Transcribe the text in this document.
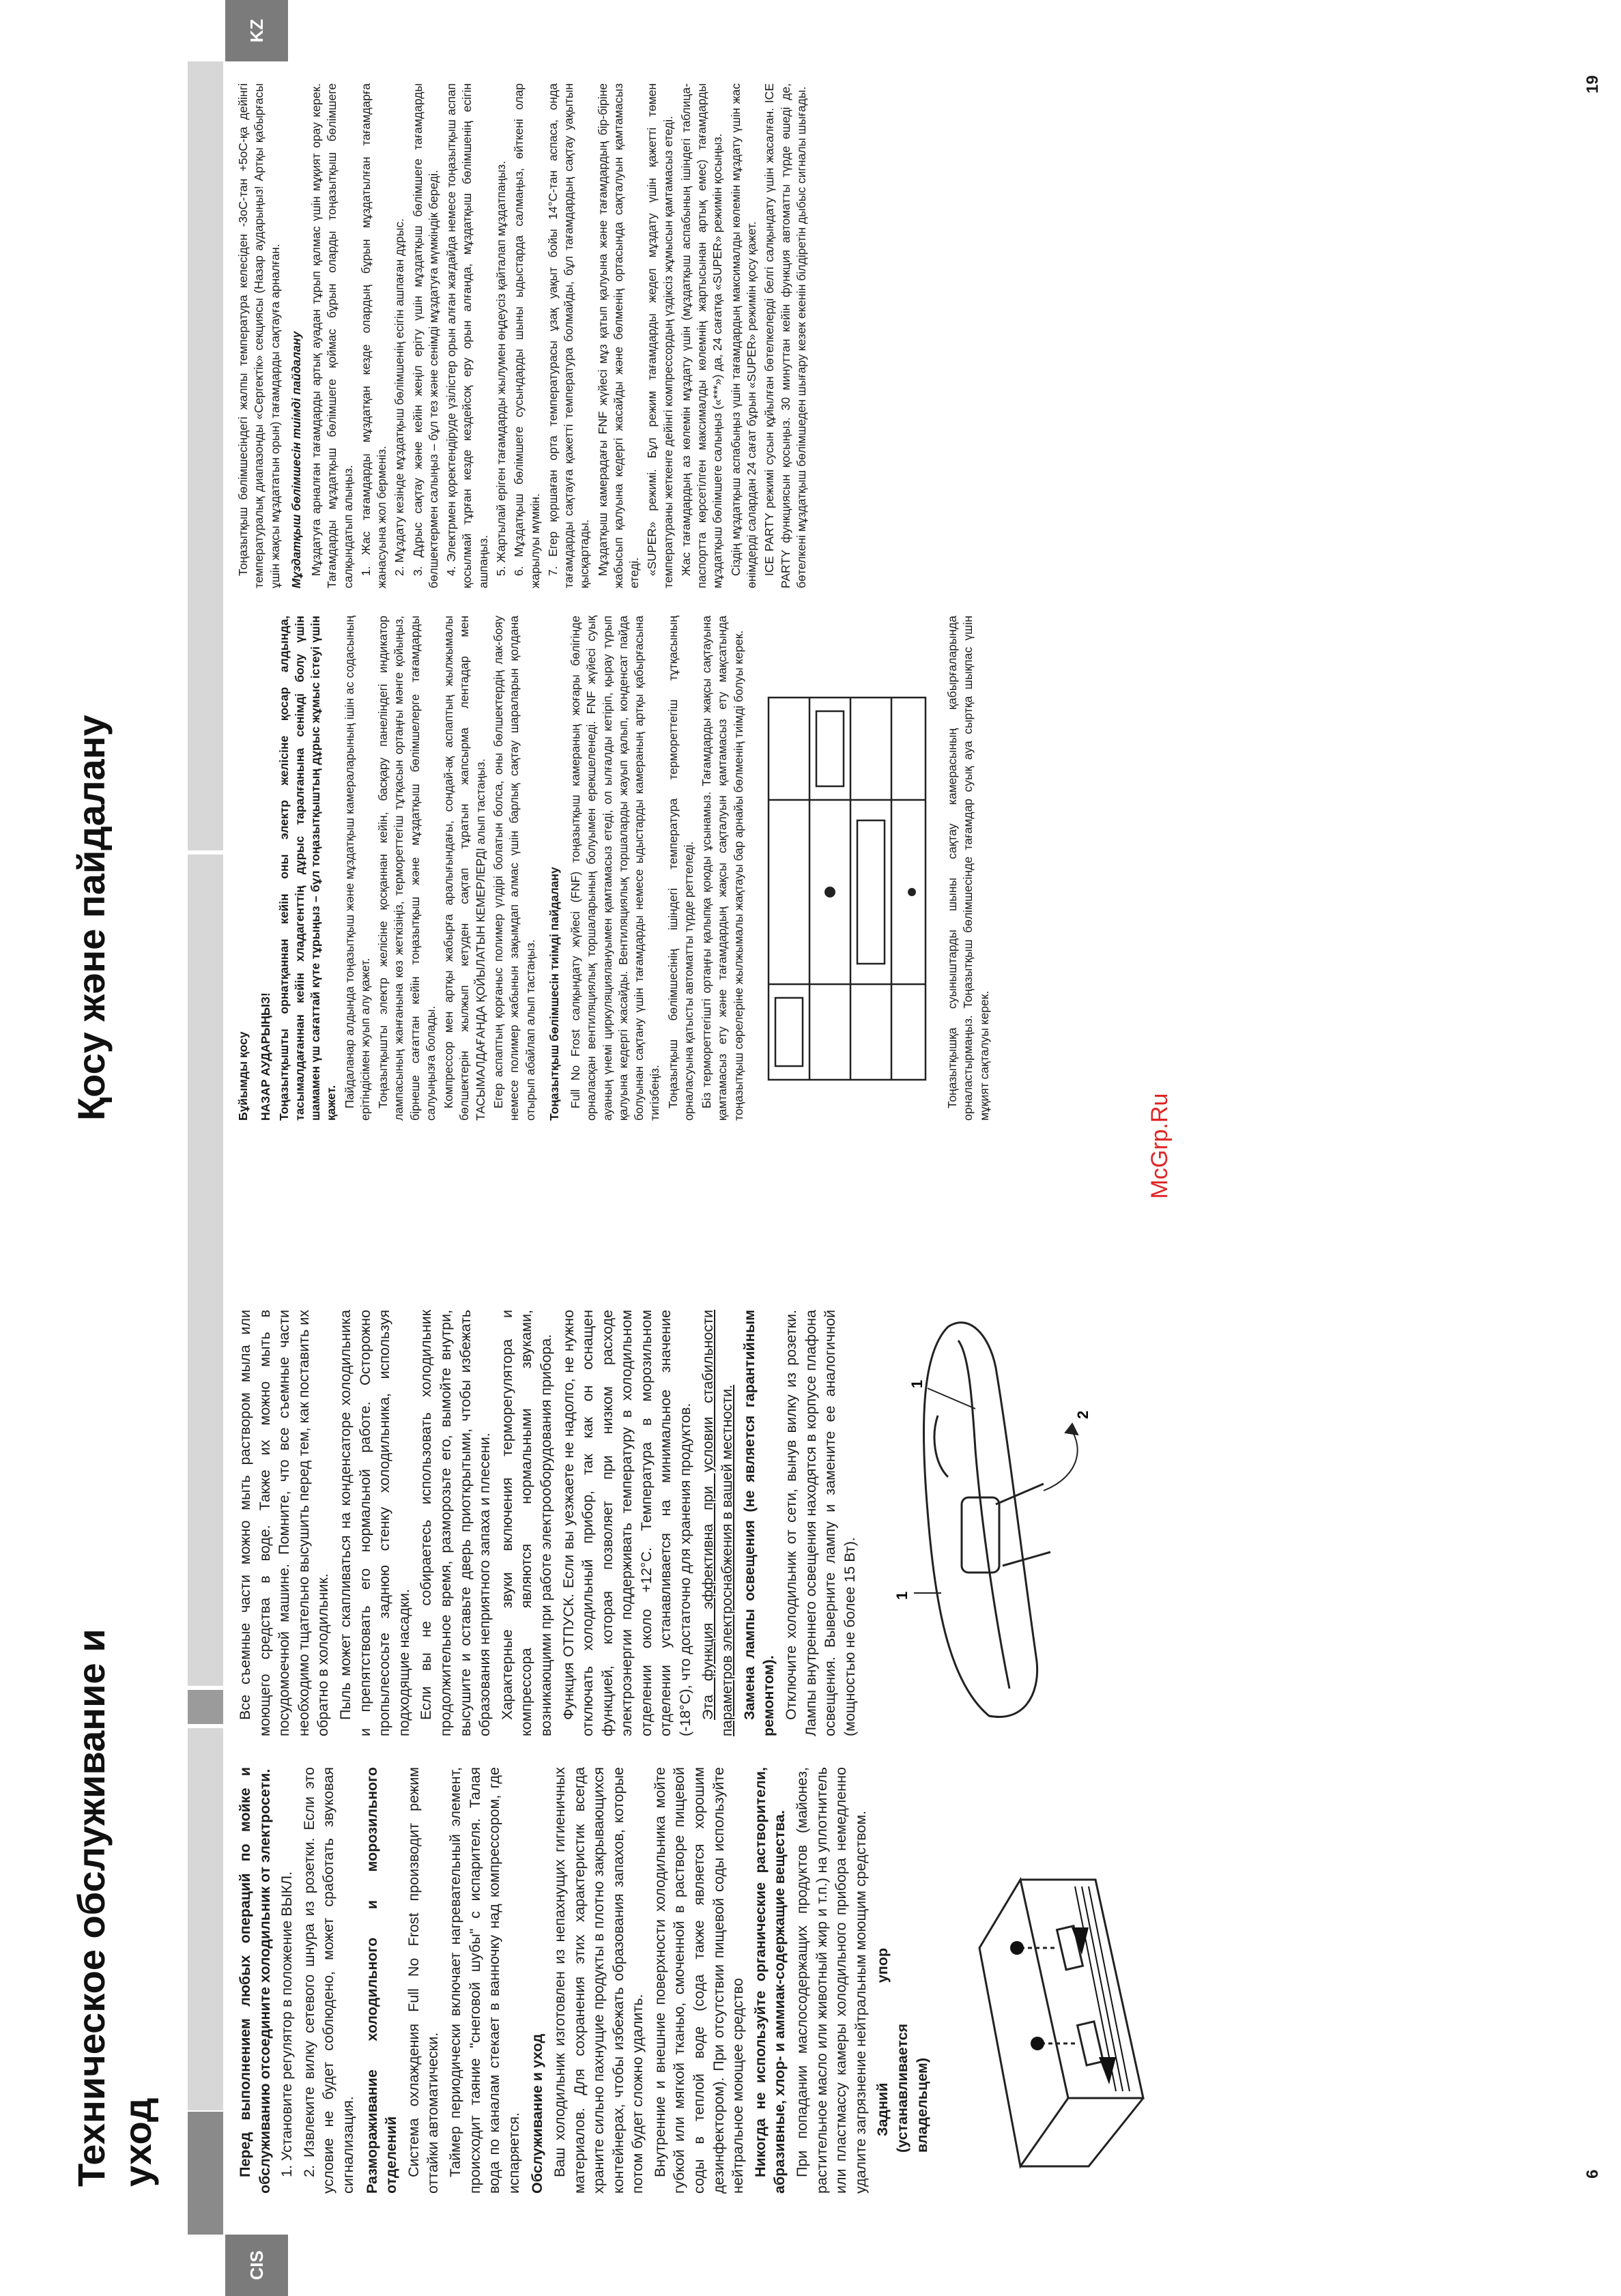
McGrp.Ru
CIS
Техническое обслуживание и уход	6

Перед выполнением любых операций по мойке и обслуживанию отсоедините холодильник от электросети. 1. Установите регулятор в положение ВЫКЛ. 2. Извлеките вилку сетевого шнура из розетки. Если это условие не будет соблюдено, может сработать звуковая сигнализация. Размораживание холодильного и морозильного отделений Система охлаждения Full No Frost производит режим оттайки автоматически. Таймер периодически включает нагревательный элемент, происходит таяние "снеговой шубы" с испарителя. Талая вода по каналам стекает в ванночку над компрессором, где испаряется. Обслуживание и уход Ваш холодильник изготовлен из непахнущих гигиеничных материалов. Для сохранения этих характеристик всегда храните сильно пахнущие продукты в плотно закрывающихся контейнерах, чтобы избежать образования запахов, которые потом будет сложно удалить. Внутренние и внешние поверхности холодильника мойте губкой или мягкой тканью, смоченной в растворе пищевой соды в теплой воде (сода также является хорошим дезинфектором). При отсутствии пищевой соды используйте нейтральное моющее средство Никогда не используйте органические растворители, абразивные, хлор- и аммиак-содержащие вещества. При попадании маслосодержащих продуктов (майонез, растительное масло или животный жир и т.п.) на уплотнитель или пластмассу камеры холодильного прибора немедленно удалите загрязнение нейтральным моющим средством. Задний упор (устанавливается владельцем)

Все съемные части можно мыть раствором мыла или моющего средства в воде. Также их можно мыть в посудомоечной машине. Помните, что все съемные части необходимо тщательно высушить перед тем, как поставить их обратно в холодильник. Пыль может скапливаться на конденсаторе холодильника и препятствовать его нормальной работе. Осторожно пропылесосьте заднюю стенку холодильника, используя подходящие насадки. Если вы не собираетесь использовать холодильник продолжительное время, разморозьте его, вымойте внутри, высушите и оставьте дверь приоткрытыми, чтобы избежать образования неприятного запаха и плесени. Характерные звуки включения терморегулятора и компрессора являются нормальными звуками, возникающими при работе электрооборудования прибора. Функция ОТПУСК. Если вы уезжаете не надолго, не нужно отключать холодильный прибор, так как он оснащен функцией, которая позволяет при низком расходе электроэнергии поддерживать температуру в холодильном отделении около +12°С. Температура в морозильном отделении устанавливается на минимальное значение (-18°С), что достаточно для хранения продуктов. Эта функция эффективна при условии стабильности параметров электроснабжения в вашей местности. Замена лампы освещения (не является гарантийным ремонтом). Отключите холодильник от сети, вынув вилку из розетки. Лампы внутреннего освещения находятся в корпусе плафона освещения. Выверните лампу и замените ее аналогичной (мощностью не более 15 Вт). 1
1
2
KZ
Қосу және пайдалану
19

Бұйымды қосу НАЗАР АУДАРЫҢЫЗ! Тоңазытқышты орнатқаннан кейін оны электр желісіне қосар алдында, тасымалдағаннан кейін хладагенттің дұрыс таралғанына сенімді болу үшін шамамен үш сағаттай күте тұрыңыз – бұл тоңазытқыштың дұрыс жұмыс істеуі үшін қажет. Пайдаланар алдында тоңазытқыш және мұздатқыш камераларының ішін ас содасының ерітіндісімен жуып алу қажет. Тоңазытқышты электр желісіне қосқаннан кейін, басқару панеліндегі индикатор лампасының жанғанына көз жеткізіңіз, термореттегіш тұтқасын ортаңғы мәнге қойыңыз, бірнеше сағаттан кейін тоңазытқыш және мұздатқыш бөлімшелерге тағамдарды салуыңызға болады. Компрессор мен артқы жабырға аралығындағы, сондай-ақ аспаптың жылжымалы бөлшектерін жылжып кетуден сақтап тұратын жапсырма лентадар мен ТАСЫМАЛДАҒАНДА ҚОЙЫЛАТЫН КЕМЕРЛЕРДІ алып тастаңыз. Егер аспаптың қорғаныс полимер үлдірі болатын болса, оны бөлшектердің лак-бояу немесе полимер жабынын зақымдап алмас үшін барлық сақтау шараларын қолдана отырып абайлап алып тастаңыз. Тоңазытқыш бөлімшесін тиімді пайдалану Full No Frost салқындату жүйесі (FNF) тоңазытқыш камераның жоғары бөлігінде орналасқан вентиляциялық торшаларының болуымен ерекшеленеді. FNF жүйесі суық ауаның үнемі циркуляциялануымен қамтамасыз етеді, ол ылғалды кетіріп, қырау түрып қалуына кедергі жасайды. Вентиляциялық торшаларды жауып қалып, конденсат пайда болуынан сақтану үшін тағамдарды немесе ыдыстарды камераның артқы қабырғасына тигізбеңіз. Тоңазытқыш бөлімшесінің ішіндегі температура термореттегіш тұтқасының орналасуына қатысты автоматты түрде реттеледі. Біз термореттегішті ортаңғы қалыпқа қоюды ұсынамыз. Тағамдарды жақсы сақтауына қамтамасыз ету және тағамдардың жақсы сақталуын қамтамасыз ету мақсатында тоңазытқыш сөрелеріне жылжымалы жақтауы бар арнайы бөлменің тиімді болуы керек.	Тоңазытқышқа суыныштарды шыны сақтау камерасының қабырғаларында орналастырмаңыз. Тоңазытқыш бөлімшесінде тағамдар суық ауа сыртқа шықпас үшін мұқият сақталуы керек.

Тоңазытқыш бөлімшесіндегі жалпы температура келесіден -3оС-тан +5оС-қа дейінгі температуралық диапазонды «Сергектік» секциясы (Назар аударыңыз! Артқы қабырғасы ұшін жақсы мұздататын орын) тағамдарды сақтауға арналған. Мұздатқыш бөлімшесін тиімді пайдалану Мұздатуға арналған тағамдарды артық ауадан тұрып қалмас үшін мұқият орау керек. Тағамдарды мұздатқыш бөлімшеге қоймас бұрын оларды тоңазытқыш бөлімшеге салқындатып алыңыз. 1. Жас тағамдарды мұздатқан кезде олардың бұрын мұздатылған тағамдарға жанасуына жол берменіз. 2. Мұздату кезінде мұздатқыш бөлімшенің есігін ашпаған дұрыс. 3. Дұрыс сақтау және кейін жеңіл еріту үшін мұздатқыш бөлімшеге тағамдарды бөлшектермен салыңыз – бұл тез және сенімді мұздатуға мүмкіндік береді. 4. Электрмен қоректендіруде үзілістер орын алған жағдайда немесе тоңазытқыш аспап қосылмай тұрған кезде кездейсоқ еру орын алғанда, мұздатқыш бөлімшенің есігін ашпаңыз. 5. Жартылай еріген тағамдарды жылумен өңдеусіз қайталап мұздатпаңыз. 6. Мұздатқыш бөлімшеге сусындарды шыны ыдыстарда салмаңыз, өйткені олар жарылуы мүмкін. 7. Егер қоршаған орта температурасы ұзақ уақыт бойы 14°С-тан аспаса, онда тағамдарды сақтауға қажетті температура болмайды, бұл тағамдардың сақтау уақытын қысқартады. Мұздатқыш камерадағы FNF жүйесі мұз қатып қалуына және тағамдардың бір-біріне жабысып қалуына кедергі жасайды және бөлменің ортасында сақталуын қамтамасыз етеді. «SUPER» режимі. Бұл режим тағамдарды жедел мұздату үшін қажетті төмен температураны жеткенге дейінгі компрессордың үздіксіз жұмысын қамтамасыз етеді. Жас тағамдардың аз көлемін мұздату үшін (мұздатқыш аспабының ішіндегі таблица-паспортта көрсетілген максималды көлемнің жартысынан артық емес) тағамдарды мұздатқыш бөлімшеге салыңыз («***») да, 24 сағатқа «SUPER» режимін қосыңыз. Сіздің мұздатқыш аспабыңыз үшін тағамдардың максималды көлемін мұздату үшін жас өнімдерді салардан 24 сағат бұрын «SUPER» режимін қосу қажет. ICE PARTY режимі сусын құйылған бөтелкелерді белгі салқындату үшін жасалған. ICE PARTY функциясын қосыңыз. 30 минуттан кейін функция автоматты түрде өшеді де, бөтелкені мұздатқыш бөлімшеден шығару кезек екенін білдіретін дыбыс сигналы шығады.
